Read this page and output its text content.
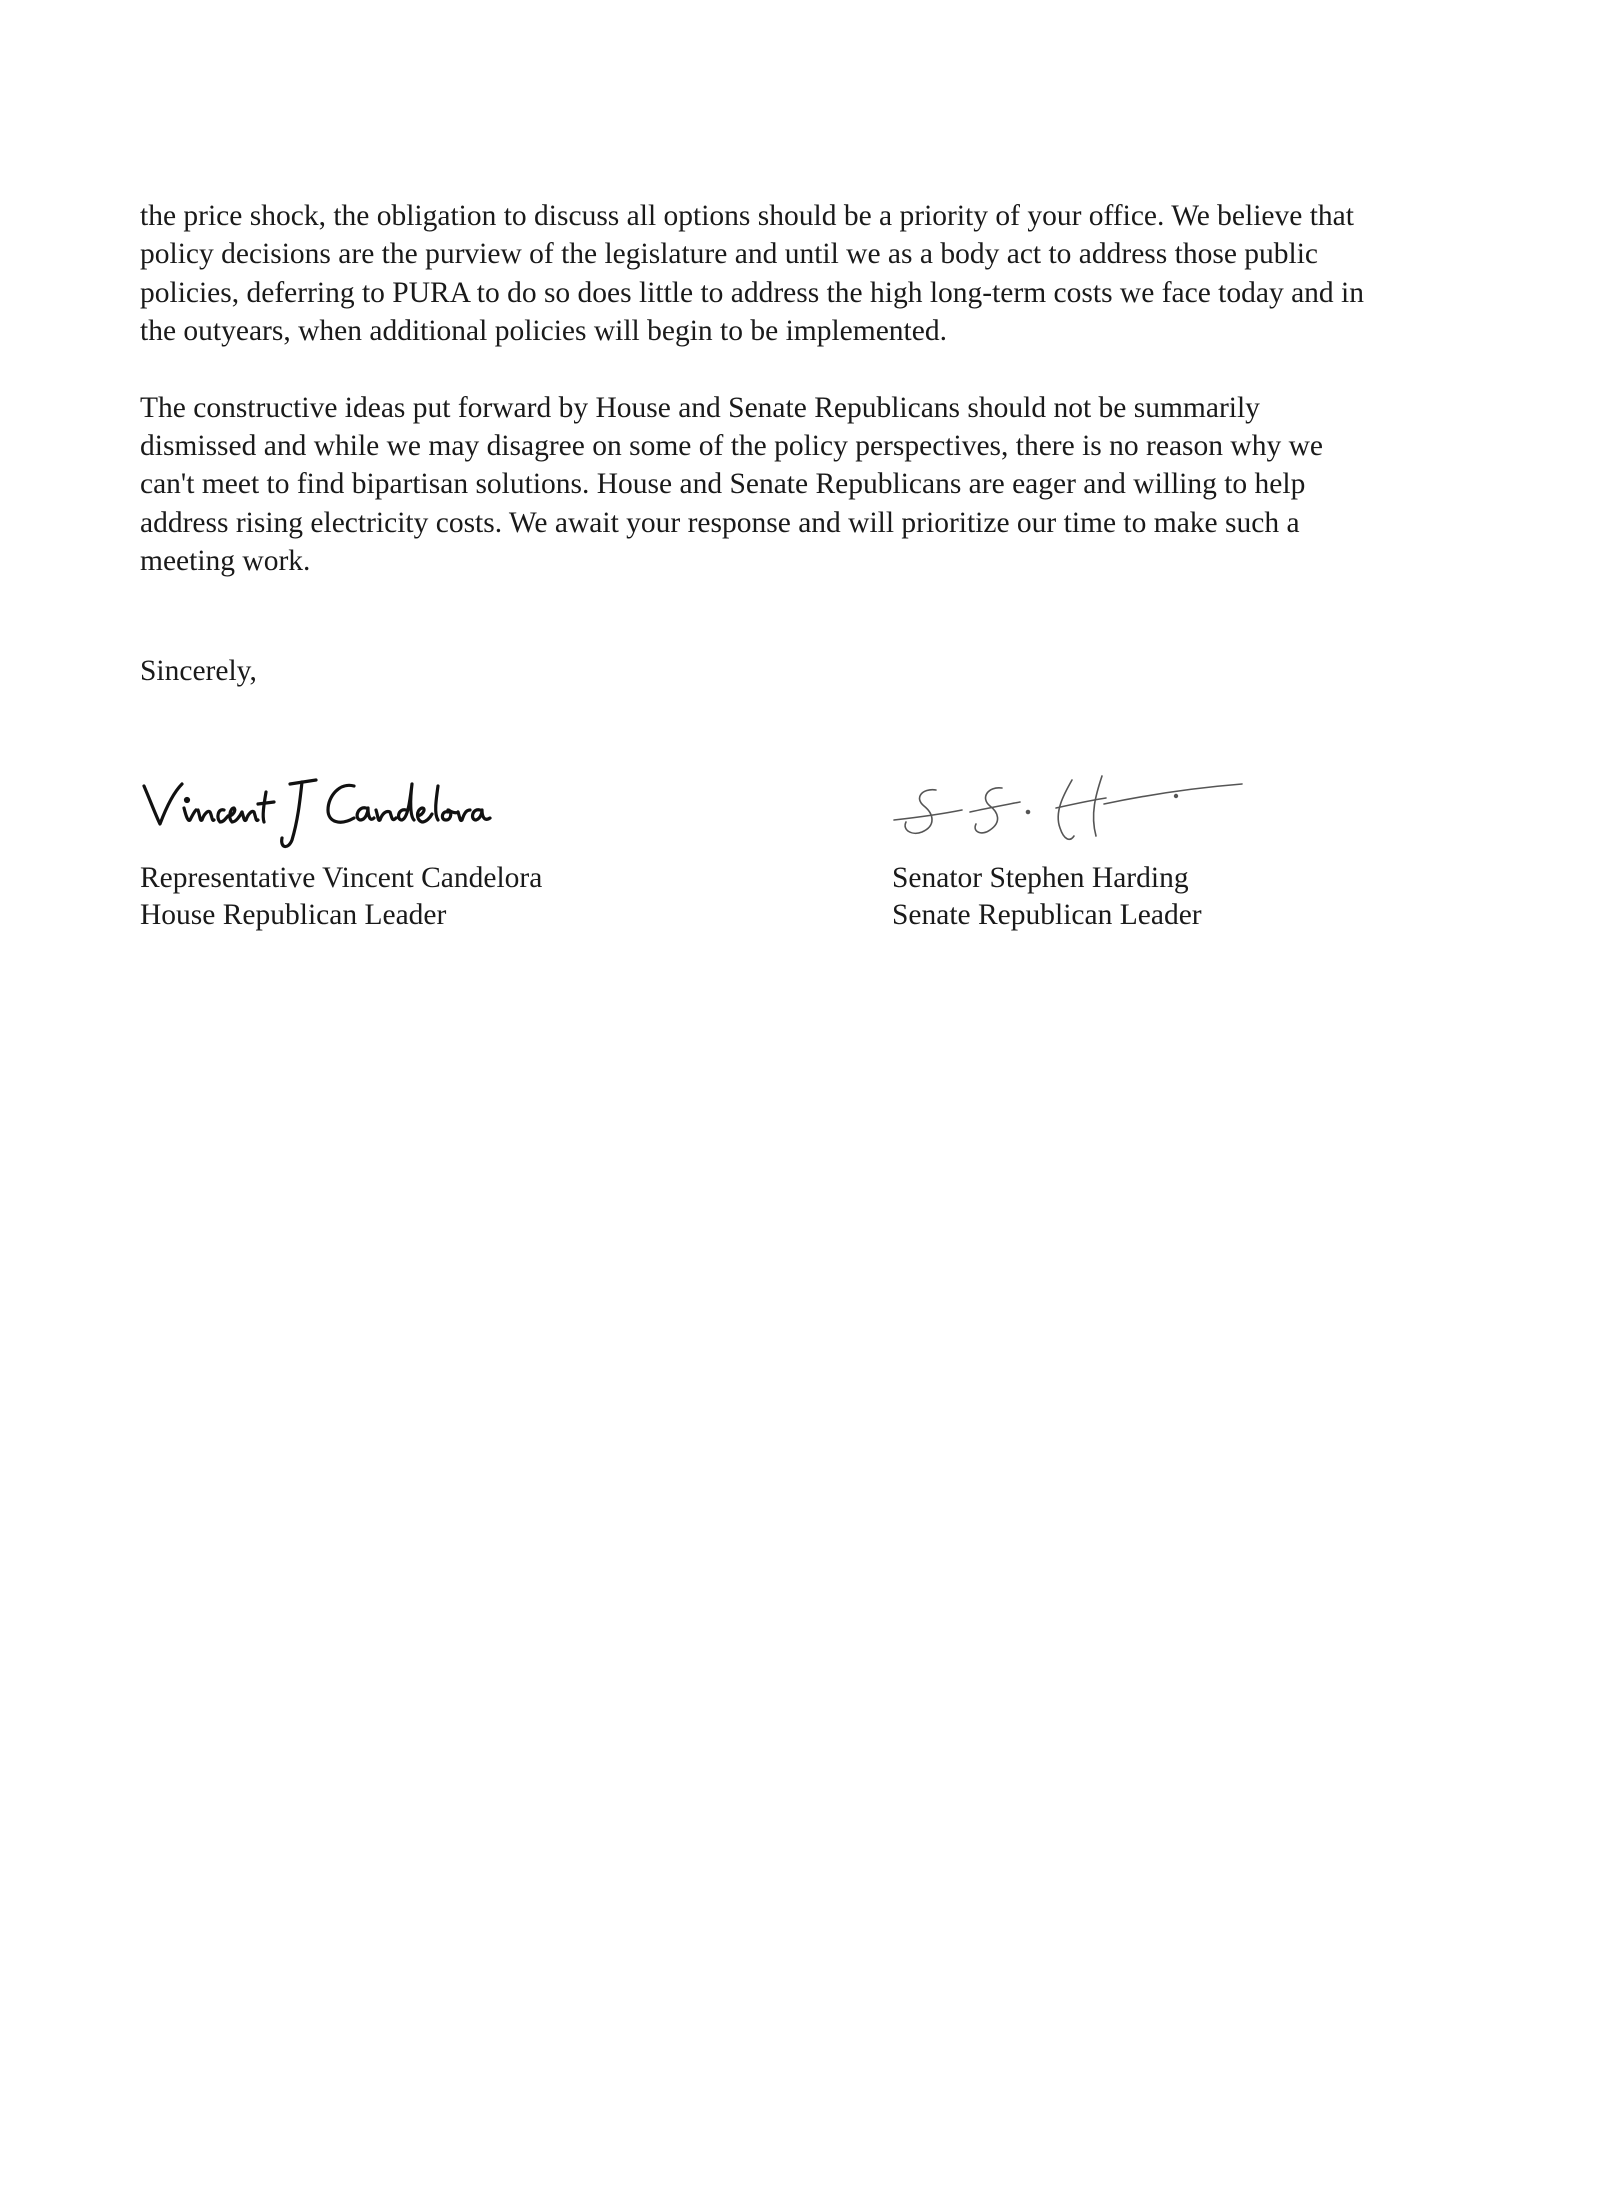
the price shock, the obligation to discuss all options should be a priority of your office. We believe that
policy decisions are the purview of the legislature and until we as a body act to address those public
policies, deferring to PURA to do so does little to address the high long-term costs we face today and in
the outyears, when additional policies will begin to be implemented.

The constructive ideas put forward by House and Senate Republicans should not be summarily
dismissed and while we may disagree on some of the policy perspectives, there is no reason why we
can't meet to find bipartisan solutions. House and Senate Republicans are eager and willing to help
address rising electricity costs. We await your response and will prioritize our time to make such a
meeting work.

Sincerely,

Representative Vincent Candelora
House Republican Leader
Senator Stephen Harding
Senate Republican Leader
